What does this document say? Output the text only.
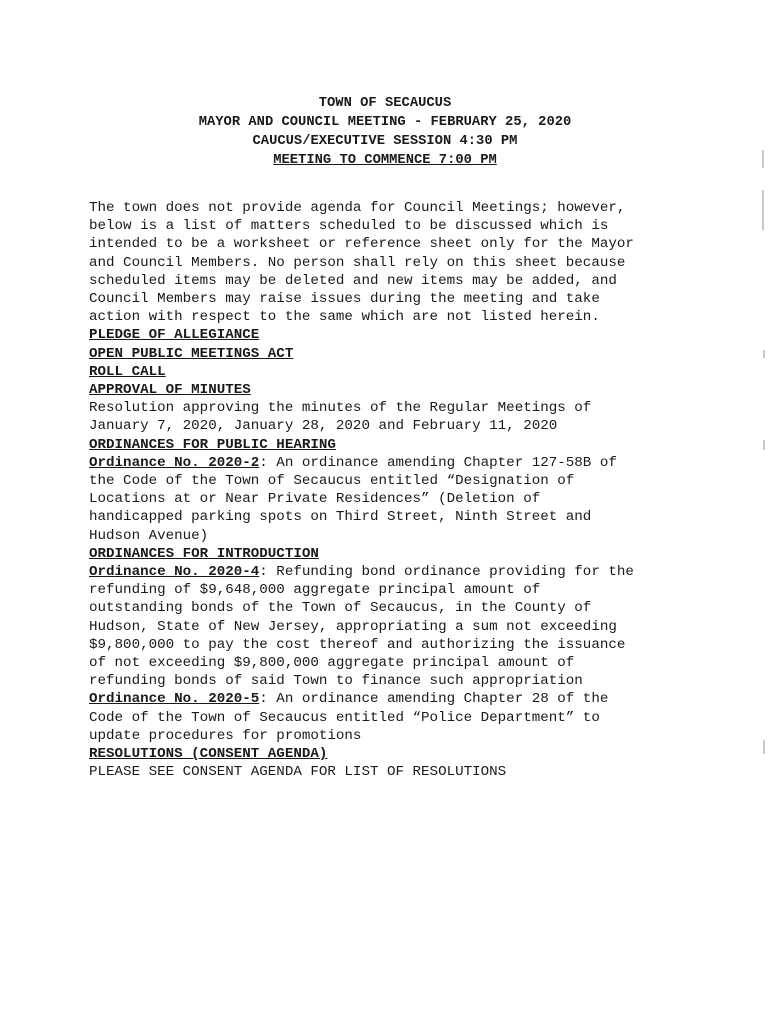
TOWN OF SECAUCUS
MAYOR AND COUNCIL MEETING - FEBRUARY 25, 2020
CAUCUS/EXECUTIVE SESSION 4:30 PM
MEETING TO COMMENCE 7:00 PM

The town does not provide agenda for Council Meetings; however,
below is a list of matters scheduled to be discussed which is
intended to be a worksheet or reference sheet only for the Mayor
and Council Members. No person shall rely on this sheet because
scheduled items may be deleted and new items may be added, and
Council Members may raise issues during the meeting and take
action with respect to the same which are not listed herein.

PLEDGE OF ALLEGIANCE

OPEN PUBLIC MEETINGS ACT

ROLL CALL

APPROVAL OF MINUTES
Resolution approving the minutes of the Regular Meetings of
January 7, 2020, January 28, 2020 and February 11, 2020

ORDINANCES FOR PUBLIC HEARING
Ordinance No. 2020-2: An ordinance amending Chapter 127-58B of
the Code of the Town of Secaucus entitled “Designation of
Locations at or Near Private Residences” (Deletion of
handicapped parking spots on Third Street, Ninth Street and
Hudson Avenue)

ORDINANCES FOR INTRODUCTION
Ordinance No. 2020-4: Refunding bond ordinance providing for the
refunding of $9,648,000 aggregate principal amount of
outstanding bonds of the Town of Secaucus, in the County of
Hudson, State of New Jersey, appropriating a sum not exceeding
$9,800,000 to pay the cost thereof and authorizing the issuance
of not exceeding $9,800,000 aggregate principal amount of
refunding bonds of said Town to finance such appropriation
Ordinance No. 2020-5: An ordinance amending Chapter 28 of the
Code of the Town of Secaucus entitled “Police Department” to
update procedures for promotions

RESOLUTIONS (CONSENT AGENDA)
PLEASE SEE CONSENT AGENDA FOR LIST OF RESOLUTIONS
